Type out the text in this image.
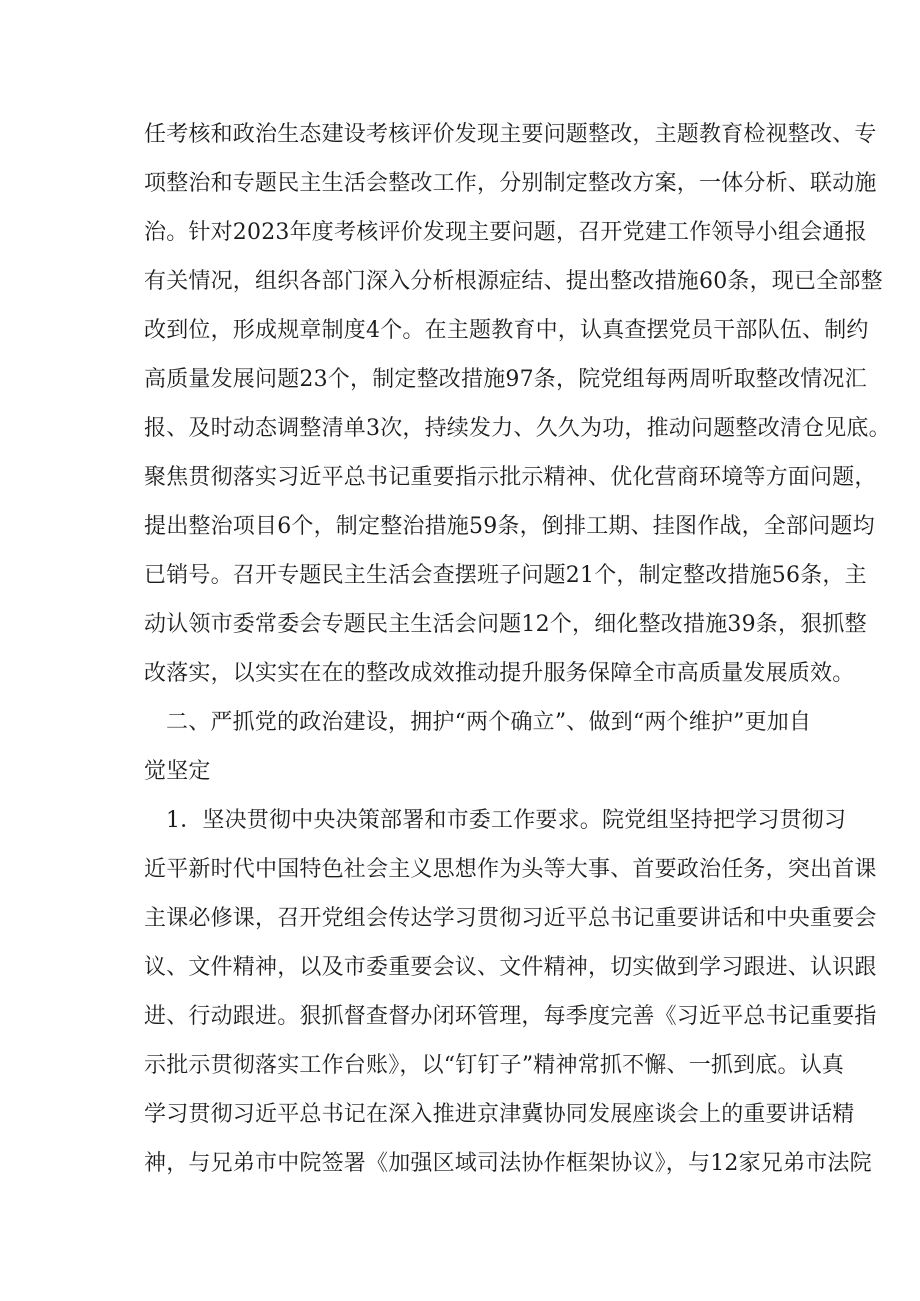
任考核和政治生态建设考核评价发现主要问题整改，主题教育检视整改、专
项整治和专题民主生活会整改工作，分别制定整改方案，一体分析、联动施
治。针对2023年度考核评价发现主要问题，召开党建工作领导小组会通报
有关情况，组织各部门深入分析根源症结、提出整改措施60条，现已全部整
改到位，形成规章制度4个。在主题教育中，认真查摆党员干部队伍、制约
高质量发展问题23个，制定整改措施97条，院党组每两周听取整改情况汇
报、及时动态调整清单3次，持续发力、久久为功，推动问题整改清仓见底。
聚焦贯彻落实习近平总书记重要指示批示精神、优化营商环境等方面问题，
提出整治项目6个，制定整治措施59条，倒排工期、挂图作战，全部问题均
已销号。召开专题民主生活会查摆班子问题21个，制定整改措施56条，主
动认领市委常委会专题民主生活会问题12个，细化整改措施39条，狠抓整
改落实，以实实在在的整改成效推动提升服务保障全市高质量发展质效。
二、严抓党的政治建设，拥护“两个确立”、做到“两个维护”更加自
觉坚定
1．坚决贯彻中央决策部署和市委工作要求。院党组坚持把学习贯彻习
近平新时代中国特色社会主义思想作为头等大事、首要政治任务，突出首课
主课必修课，召开党组会传达学习贯彻习近平总书记重要讲话和中央重要会
议、文件精神，以及市委重要会议、文件精神，切实做到学习跟进、认识跟
进、行动跟进。狠抓督查督办闭环管理，每季度完善《习近平总书记重要指
示批示贯彻落实工作台账》，以“钉钉子”精神常抓不懈、一抓到底。认真
学习贯彻习近平总书记在深入推进京津冀协同发展座谈会上的重要讲话精
神，与兄弟市中院签署《加强区域司法协作框架协议》，与12家兄弟市法院
